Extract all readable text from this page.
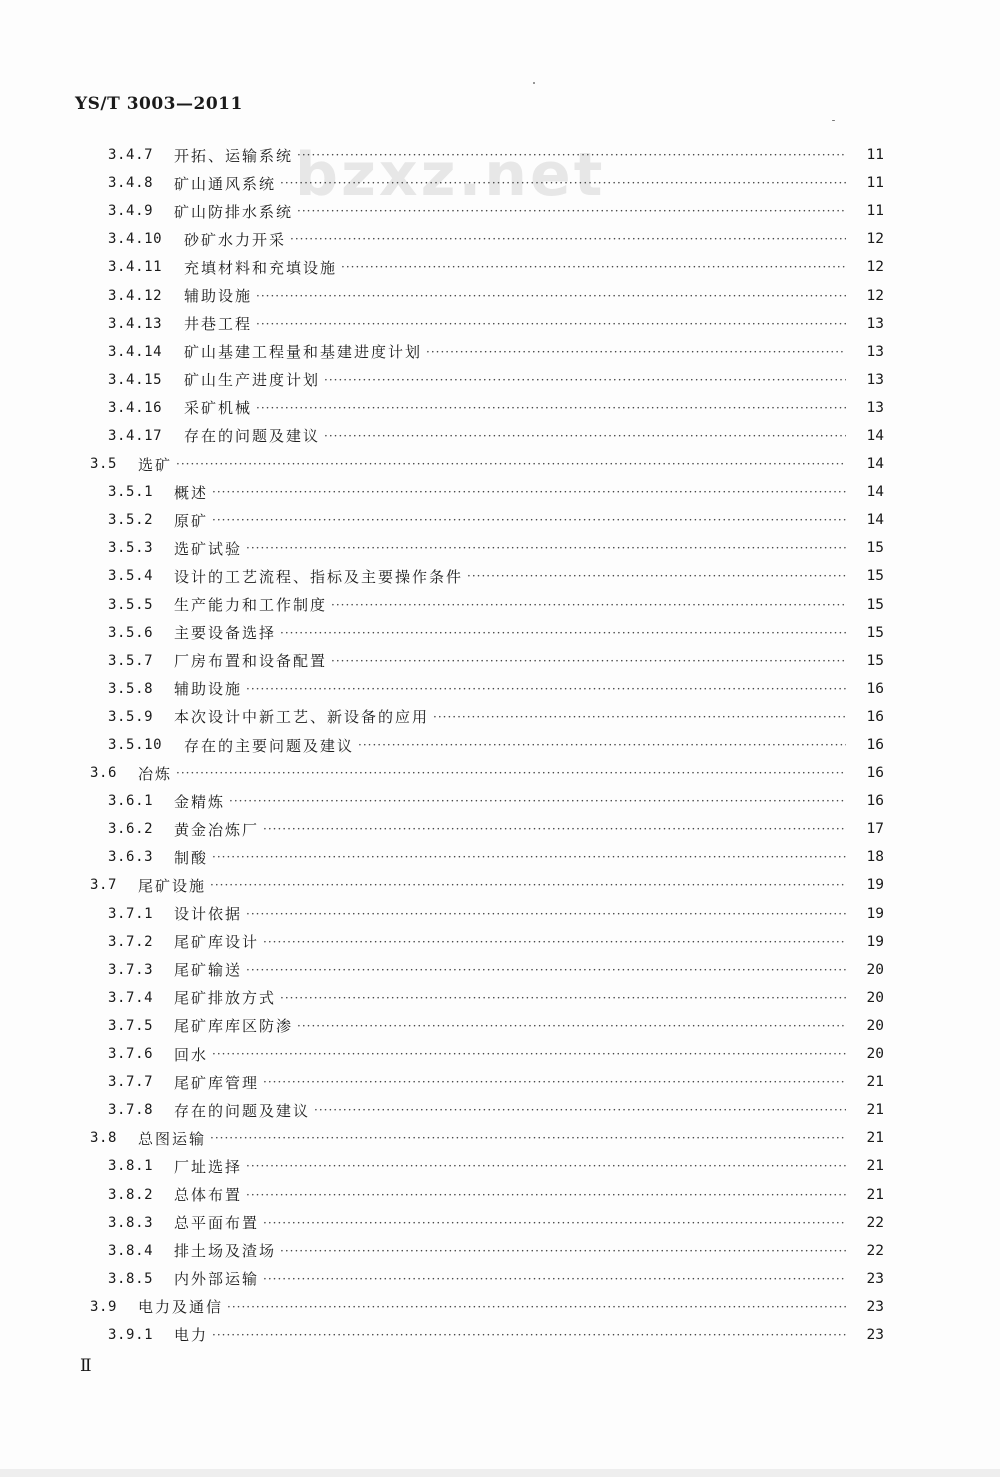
YS/T 3003—2011
bzxz.net
3.4.7	开拓、运输系统 ·····	11
3.4.8	矿山通风系统 ·····	11
3.4.9	矿山防排水系统 ·····	11
3.4.10	砂矿水力开采 ·····	12
3.4.11	充填材料和充填设施 ·····	12
3.4.12	辅助设施 ·····	12
3.4.13	井巷工程 ·····	13
3.4.14	矿山基建工程量和基建进度计划 ·····	13
3.4.15	矿山生产进度计划 ·····	13
3.4.16	采矿机械 ·····	13
3.4.17	存在的问题及建议 ·····	14
3.5	选矿 ·····	14
3.5.1	概述 ·····	14
3.5.2	原矿 ·····	14
3.5.3	选矿试验 ·····	15
3.5.4	设计的工艺流程、指标及主要操作条件 ·····	15
3.5.5	生产能力和工作制度 ·····	15
3.5.6	主要设备选择 ·····	15
3.5.7	厂房布置和设备配置 ·····	15
3.5.8	辅助设施 ·····	16
3.5.9	本次设计中新工艺、新设备的应用 ·····	16
3.5.10	存在的主要问题及建议 ·····	16
3.6	冶炼 ·····	16
3.6.1	金精炼 ·····	16
3.6.2	黄金冶炼厂 ·····	17
3.6.3	制酸 ·····	18
3.7	尾矿设施 ·····	19
3.7.1	设计依据 ·····	19
3.7.2	尾矿库设计 ·····	19
3.7.3	尾矿输送 ·····	20
3.7.4	尾矿排放方式 ·····	20
3.7.5	尾矿库库区防渗 ·····	20
3.7.6	回水 ·····	20
3.7.7	尾矿库管理 ·····	21
3.7.8	存在的问题及建议 ·····	21
3.8	总图运输 ·····	21
3.8.1	厂址选择 ·····	21
3.8.2	总体布置 ·····	21
3.8.3	总平面布置 ·····	22
3.8.4	排土场及渣场 ·····	22
3.8.5	内外部运输 ·····	23
3.9	电力及通信 ·····	23
3.9.1	电力 ·····	23
Ⅱ
